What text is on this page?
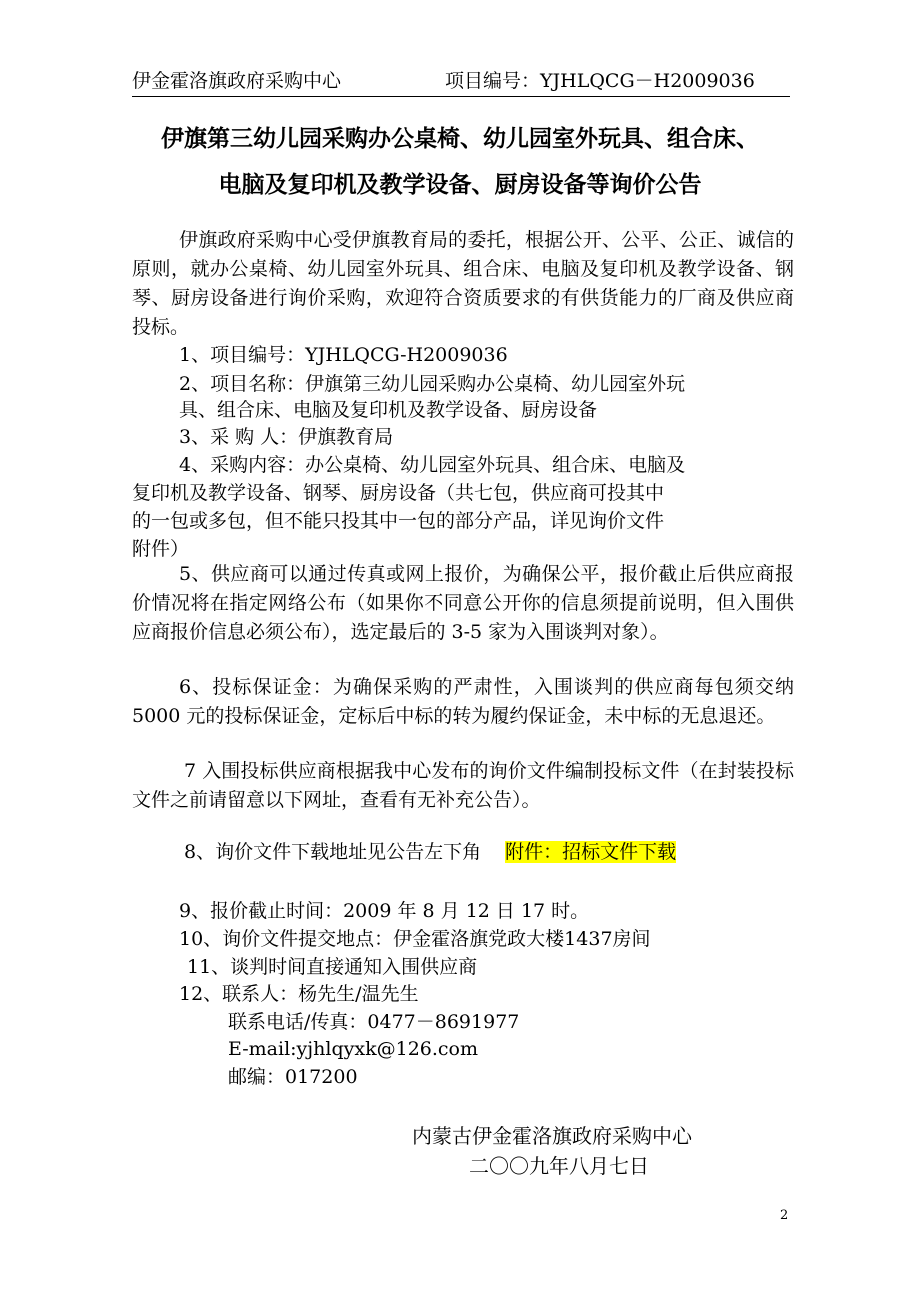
伊金霍洛旗政府采购中心	项目编号：YJHLQCG－H2009036
伊旗第三幼儿园采购办公桌椅、幼儿园室外玩具、组合床、
电脑及复印机及教学设备、厨房设备等询价公告

伊旗政府采购中心受伊旗教育局的委托，根据公开、公平、公正、诚信的原则，就办公桌椅、幼儿园室外玩具、组合床、电脑及复印机及教学设备、钢琴、厨房设备进行询价采购，欢迎符合资质要求的有供货能力的厂商及供应商投标。

1、项目编号：YJHLQCG-H2009036
2、项目名称：伊旗第三幼儿园采购办公桌椅、幼儿园室外玩
具、组合床、电脑及复印机及教学设备、厨房设备
3、采 购 人：伊旗教育局
4、采购内容：办公桌椅、幼儿园室外玩具、组合床、电脑及
复印机及教学设备、钢琴、厨房设备（共七包，供应商可投其中
的一包或多包，但不能只投其中一包的部分产品，详见询价文件
附件）

5、供应商可以通过传真或网上报价，为确保公平，报价截止后供应商报价情况将在指定网络公布（如果你不同意公开你的信息须提前说明，但入围供应商报价信息必须公布），选定最后的 3-5 家为入围谈判对象）。

6、投标保证金：为确保采购的严肃性，入围谈判的供应商每包须交纳 5000 元的投标保证金，定标后中标的转为履约保证金，未中标的无息退还。

7 入围投标供应商根据我中心发布的询价文件编制投标文件（在封装投标文件之前请留意以下网址，查看有无补充公告）。

8、询价文件下载地址见公告左下角 附件：招标文件下载
9、报价截止时间：2009 年 8 月 12 日 17 时。
10、询价文件提交地点：伊金霍洛旗党政大楼1437房间
11、谈判时间直接通知入围供应商
12、联系人：杨先生/温先生
联系电话/传真：0477－8691977
E-mail:yjhlqyxk@126.com
邮编：017200
内蒙古伊金霍洛旗政府采购中心
二〇〇九年八月七日
2
